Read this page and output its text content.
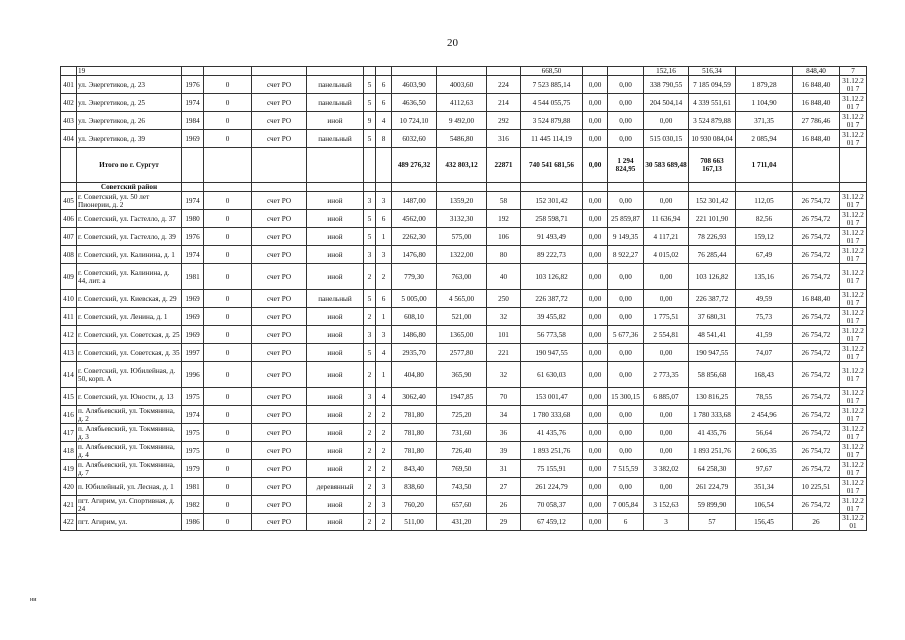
20
	19										668,50			152,16	516,34		848,40	7
401	ул. Энергетиков, д. 23	1976	0	счет РО	панельный	5	6	4603,90	4003,60	224	7 523 885,14	0,00	0,00	338 790,55	7 185 094,59	1 879,28	16 848,40	31.12.201 7
402	ул. Энергетиков, д. 25	1974	0	счет РО	панельный	5	6	4636,50	4112,63	214	4 544 055,75	0,00	0,00	204 504,14	4 339 551,61	1 104,90	16 848,40	31.12.201 7
403	ул. Энергетиков, д. 26	1984	0	счет РО	иной	9	4	10 724,10	9 492,00	292	3 524 879,88	0,00	0,00	0,00	3 524 879,88	371,35	27 786,46	31.12.201 7
404	ул. Энергетиков, д. 39	1969	0	счет РО	панельный	5	8	6032,60	5486,80	316	11 445 114,19	0,00	0,00	515 030,15	10 930 084,04	2 085,94	16 848,40	31.12.201 7
	Итого по г. Сургут							489 276,32	432 803,12	22871	740 541 681,56	0,00	1 294 824,95	30 583 689,48	708 663 167,13	1 711,04		
	Советский район																	
405	г. Советский, ул. 50 лет Пионерии, д. 2	1974	0	счет РО	иной	3	3	1487,00	1359,20	58	152 301,42	0,00	0,00	0,00	152 301,42	112,05	26 754,72	31.12.201 7
406	г. Советский, ул. Гастелло, д. 37	1980	0	счет РО	иной	5	6	4562,00	3132,30	192	258 598,71	0,00	25 859,87	11 636,94	221 101,90	82,56	26 754,72	31.12.201 7
407	г. Советский, ул. Гастелло, д. 39	1976	0	счет РО	иной	5	1	2262,30	575,00	106	91 493,49	0,00	9 149,35	4 117,21	78 226,93	159,12	26 754,72	31.12.201 7
408	г. Советский, ул. Калинина, д. 1	1974	0	счет РО	иной	3	3	1476,80	1322,00	80	89 222,73	0,00	8 922,27	4 015,02	76 285,44	67,49	26 754,72	31.12.201 7
409	г. Советский, ул. Калинина, д. 44, лит. а	1981	0	счет РО	иной	2	2	779,30	763,00	40	103 126,82	0,00	0,00	0,00	103 126,82	135,16	26 754,72	31.12.201 7
410	г. Советский, ул. Киевская, д. 29	1969	0	счет РО	панельный	5	6	5 005,00	4 565,00	250	226 387,72	0,00	0,00	0,00	226 387,72	49,59	16 848,40	31.12.201 7
411	г. Советский, ул. Ленина, д. 1	1969	0	счет РО	иной	2	1	608,10	521,00	32	39 455,82	0,00	0,00	1 775,51	37 680,31	75,73	26 754,72	31.12.201 7
412	г. Советский, ул. Советская, д. 25	1969	0	счет РО	иной	3	3	1486,80	1365,00	101	56 773,58	0,00	5 677,36	2 554,81	48 541,41	41,59	26 754,72	31.12.201 7
413	г. Советский, ул. Советская, д. 35	1997	0	счет РО	иной	5	4	2935,70	2577,80	221	190 947,55	0,00	0,00	0,00	190 947,55	74,07	26 754,72	31.12.201 7
414	г. Советский, ул. Юбилейная, д. 50, корп. А	1996	0	счет РО	иной	2	1	404,80	365,90	32	61 630,03	0,00	0,00	2 773,35	58 856,68	168,43	26 754,72	31.12.201 7
415	г. Советский, ул. Юности, д. 13	1975	0	счет РО	иной	3	4	3062,40	1947,85	70	153 001,47	0,00	15 300,15	6 885,07	130 816,25	78,55	26 754,72	31.12.201 7
416	п. Алябьевский, ул. Токмянина, д. 2	1974	0	счет РО	иной	2	2	781,80	725,20	34	1 780 333,68	0,00	0,00	0,00	1 780 333,68	2 454,96	26 754,72	31.12.201 7
417	п. Алябьевский, ул. Токмянина, д. 3	1975	0	счет РО	иной	2	2	781,80	731,60	36	41 435,76	0,00	0,00	0,00	41 435,76	56,64	26 754,72	31.12.201 7
418	п. Алябьевский, ул. Токмянина, д. 4	1975	0	счет РО	иной	2	2	781,80	726,40	39	1 893 251,76	0,00	0,00	0,00	1 893 251,76	2 606,35	26 754,72	31.12.201 7
419	п. Алябьевский, ул. Токмянина, д. 7	1979	0	счет РО	иной	2	2	843,40	769,50	31	75 155,91	0,00	7 515,59	3 382,02	64 258,30	97,67	26 754,72	31.12.201 7
420	п. Юбилейный, ул. Лесная, д. 1	1981	0	счет РО	деревянный	2	3	838,60	743,50	27	261 224,79	0,00	0,00	0,00	261 224,79	351,34	10 225,51	31.12.201 7
421	пгт. Агирим, ул. Спортивная, д. 24	1982	0	счет РО	иной	2	3	760,20	657,60	26	70 058,37	0,00	7 005,84	3 152,63	59 899,90	106,54	26 754,72	31.12.201 7
422	пгт. Агирим, ул.	1986	0	счет РО	иной	2	2	511,00	431,20	29	67 459,12	0,00	6	3	57	156,45	26	31.12.201
ни
